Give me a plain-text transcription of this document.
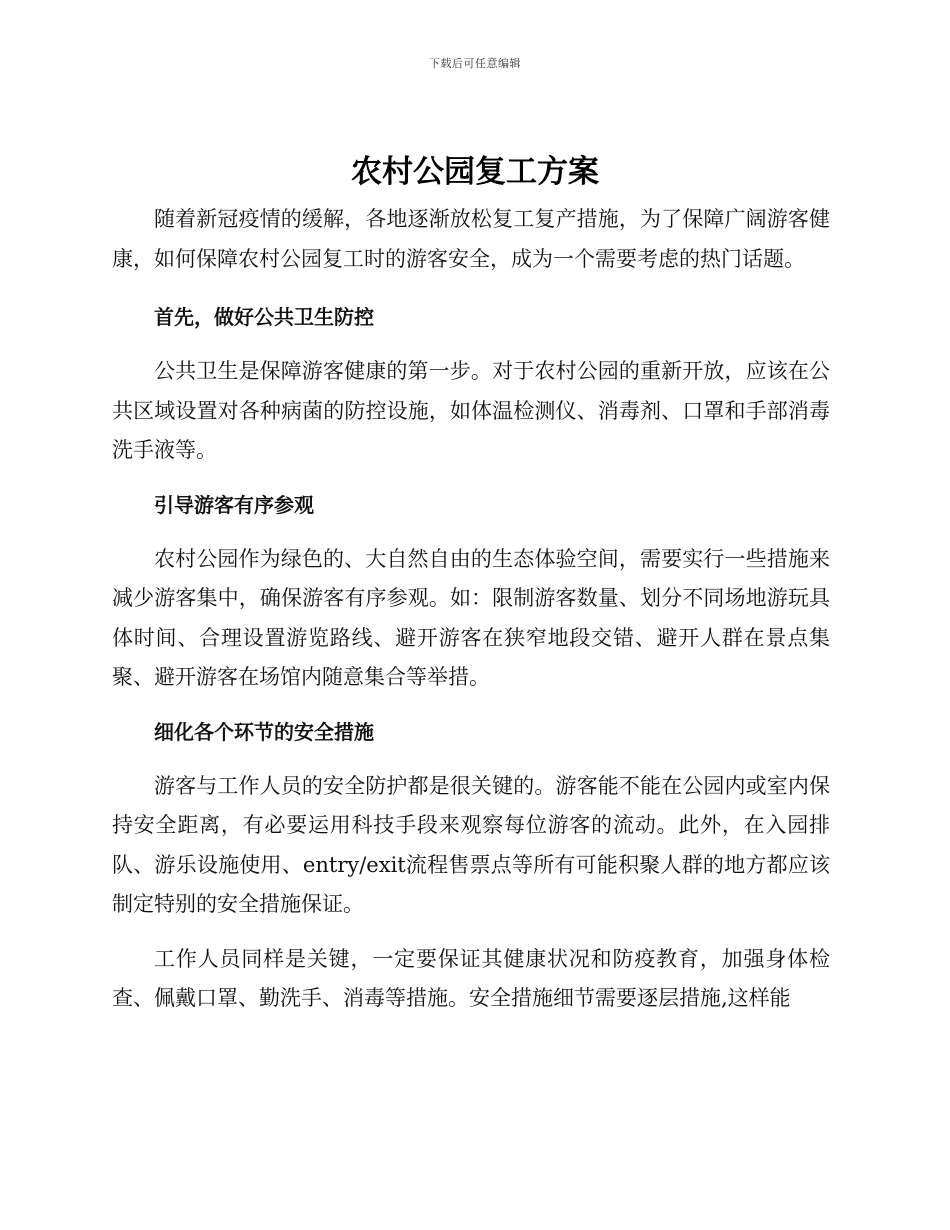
下载后可任意编辑
农村公园复工方案

随着新冠疫情的缓解，各地逐渐放松复工复产措施，为了保障广阔游客健康，如何保障农村公园复工时的游客安全，成为一个需要考虑的热门话题。

首先，做好公共卫生防控

公共卫生是保障游客健康的第一步。对于农村公园的重新开放，应该在公共区域设置对各种病菌的防控设施，如体温检测仪、消毒剂、口罩和手部消毒洗手液等。

引导游客有序参观

农村公园作为绿色的、大自然自由的生态体验空间，需要实行一些措施来减少游客集中，确保游客有序参观。如：限制游客数量、划分不同场地游玩具体时间、合理设置游览路线、避开游客在狭窄地段交错、避开人群在景点集聚、避开游客在场馆内随意集合等举措。

细化各个环节的安全措施

游客与工作人员的安全防护都是很关键的。游客能不能在公园内或室内保持安全距离，有必要运用科技手段来观察每位游客的流动。此外，在入园排队、游乐设施使用、entry/exit流程售票点等所有可能积聚人群的地方都应该制定特别的安全措施保证。

工作人员同样是关键，一定要保证其健康状况和防疫教育，加强身体检查、佩戴口罩、勤洗手、消毒等措施。安全措施细节需要逐层措施,这样能
